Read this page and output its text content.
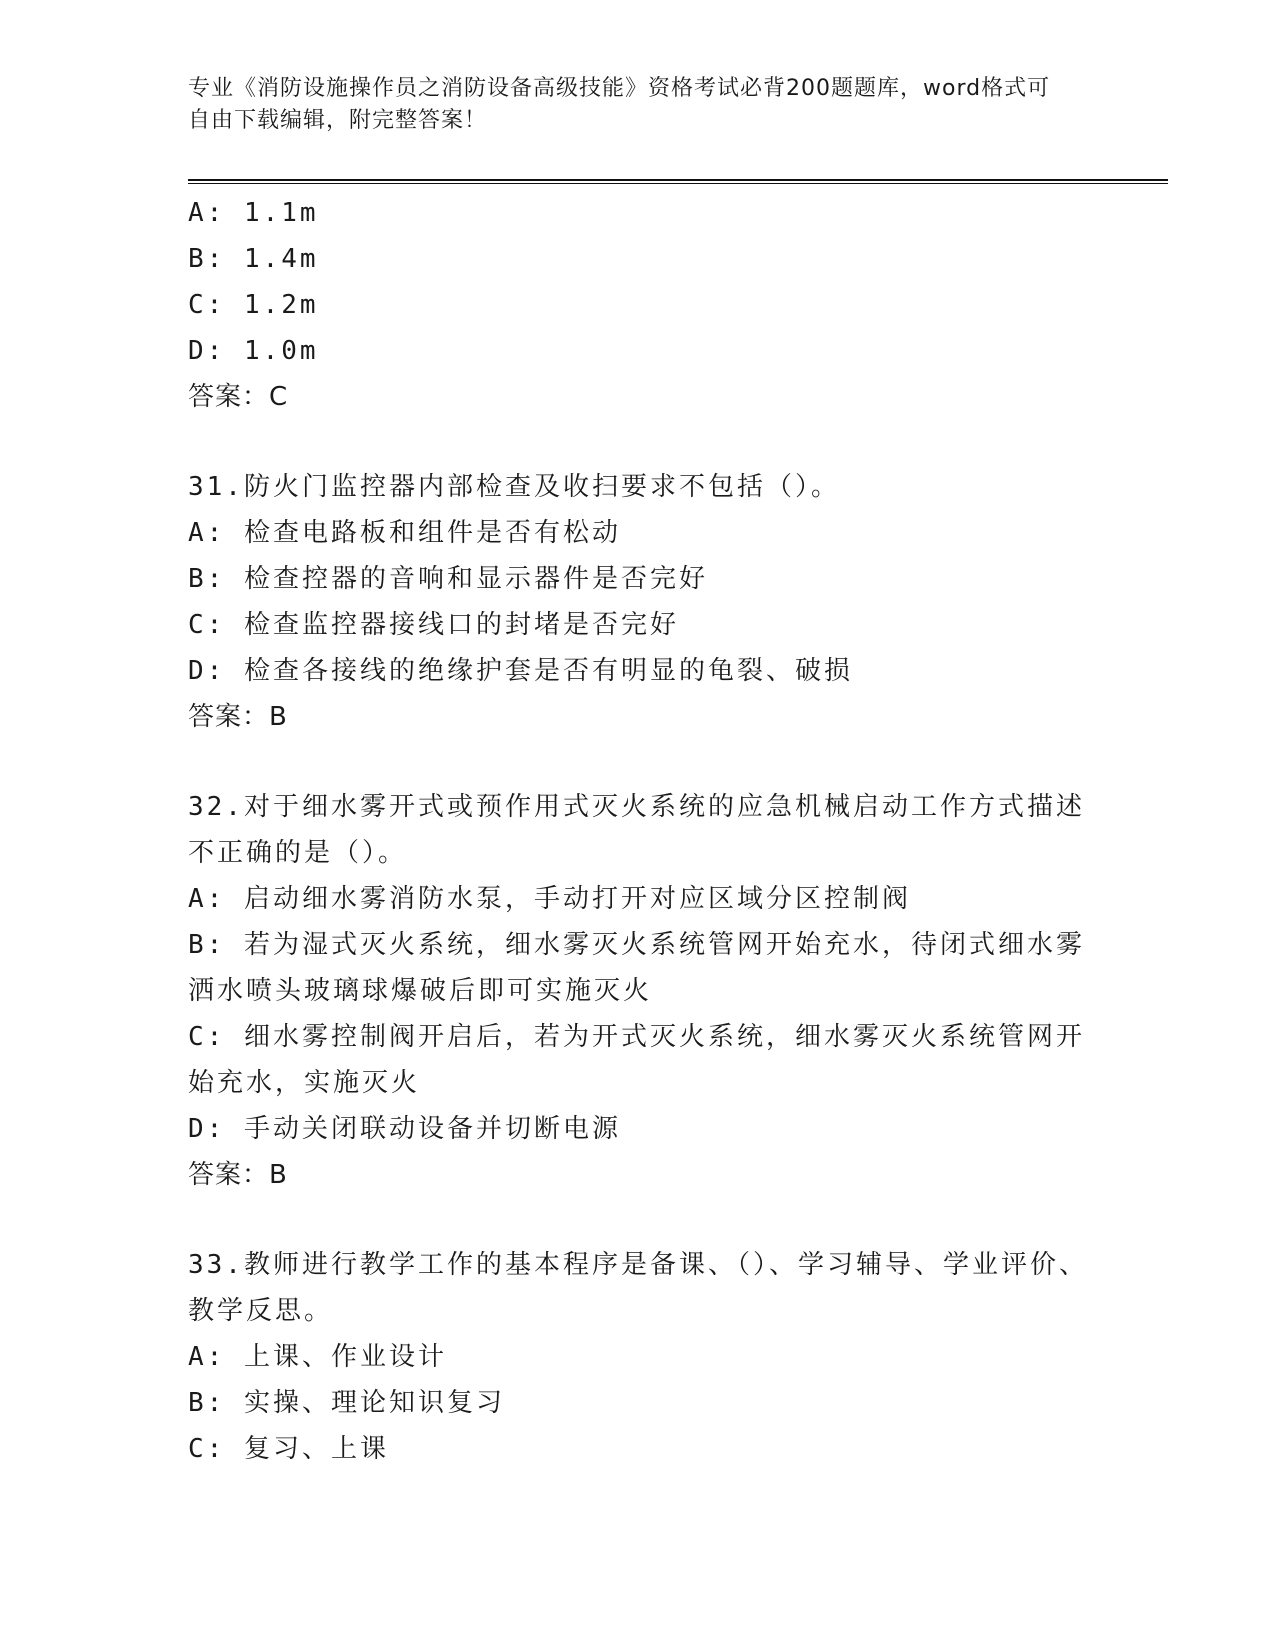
专业《消防设施操作员之消防设备高级技能》资格考试必背200题题库，word格式可自由下载编辑，附完整答案！

A: 1.1m

B: 1.4m

C: 1.2m

D: 1.0m

答案：C

31.防火门监控器内部检查及收扫要求不包括（）。

A: 检查电路板和组件是否有松动

B: 检查控器的音响和显示器件是否完好

C: 检查监控器接线口的封堵是否完好

D: 检查各接线的绝缘护套是否有明显的龟裂、破损

答案：B

32.对于细水雾开式或预作用式灭火系统的应急机械启动工作方式描述不正确的是（）。

A: 启动细水雾消防水泵，手动打开对应区域分区控制阀

B: 若为湿式灭火系统，细水雾灭火系统管网开始充水，待闭式细水雾洒水喷头玻璃球爆破后即可实施灭火

C: 细水雾控制阀开启后，若为开式灭火系统，细水雾灭火系统管网开始充水，实施灭火

D: 手动关闭联动设备并切断电源

答案：B

33.教师进行教学工作的基本程序是备课、（）、学习辅导、学业评价、教学反思。

A: 上课、作业设计

B: 实操、理论知识复习

C: 复习、上课
